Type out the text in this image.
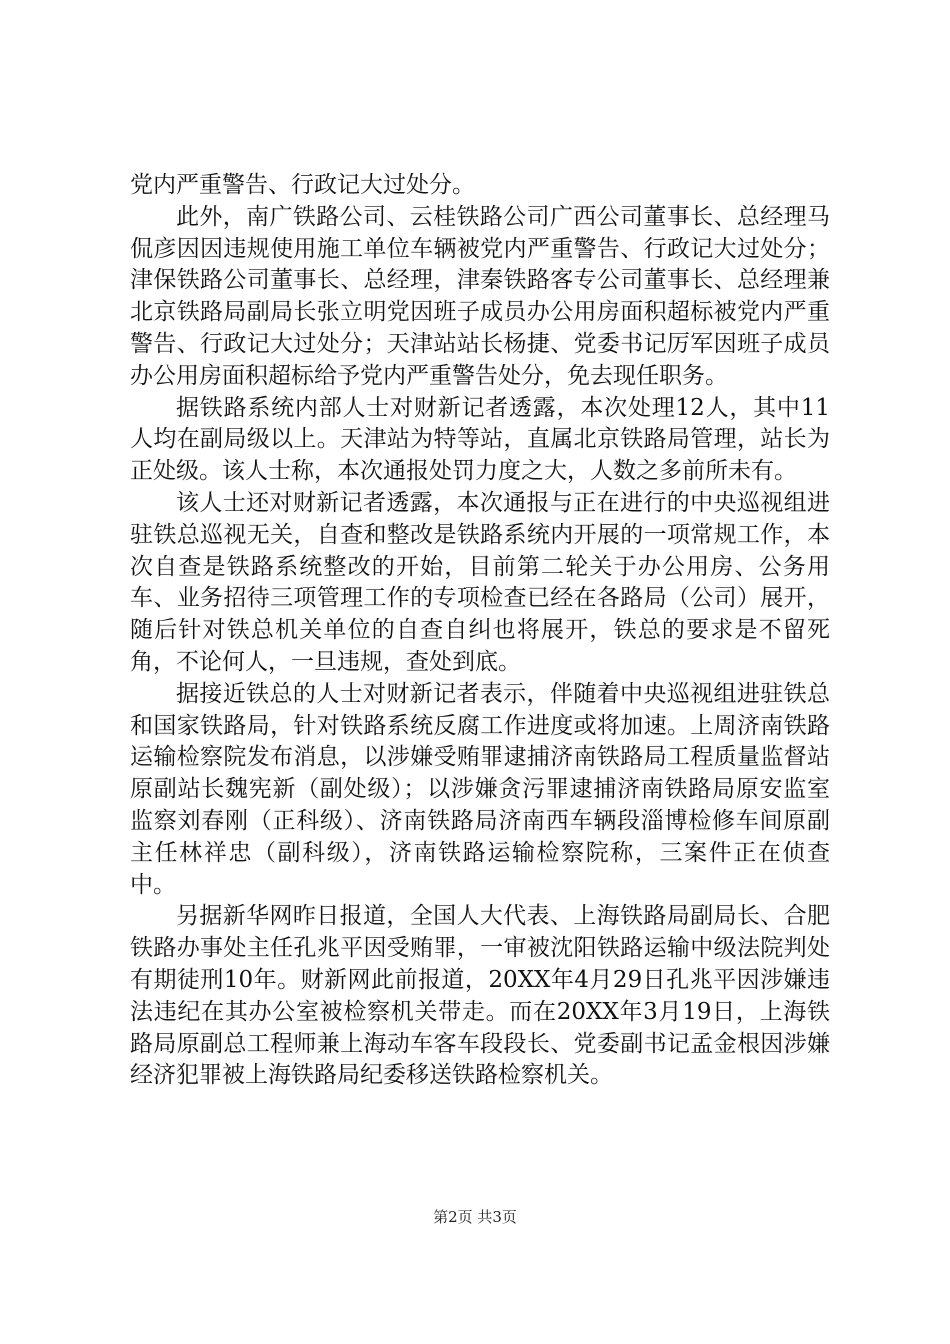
党内严重警告、行政记大过处分。

此外，南广铁路公司、云桂铁路公司广西公司董事长、总经理马侃彦因因违规使用施工单位车辆被党内严重警告、行政记大过处分；津保铁路公司董事长、总经理，津秦铁路客专公司董事长、总经理兼北京铁路局副局长张立明党因班子成员办公用房面积超标被党内严重警告、行政记大过处分；天津站站长杨捷、党委书记厉军因班子成员办公用房面积超标给予党内严重警告处分，免去现任职务。

据铁路系统内部人士对财新记者透露，本次处理12人，其中11人均在副局级以上。天津站为特等站，直属北京铁路局管理，站长为正处级。该人士称，本次通报处罚力度之大，人数之多前所未有。

该人士还对财新记者透露，本次通报与正在进行的中央巡视组进驻铁总巡视无关，自查和整改是铁路系统内开展的一项常规工作，本次自查是铁路系统整改的开始，目前第二轮关于办公用房、公务用车、业务招待三项管理工作的专项检查已经在各路局（公司）展开，随后针对铁总机关单位的自查自纠也将展开，铁总的要求是不留死角，不论何人，一旦违规，查处到底。

据接近铁总的人士对财新记者表示，伴随着中央巡视组进驻铁总和国家铁路局，针对铁路系统反腐工作进度或将加速。上周济南铁路运输检察院发布消息，以涉嫌受贿罪逮捕济南铁路局工程质量监督站原副站长魏宪新（副处级）；以涉嫌贪污罪逮捕济南铁路局原安监室监察刘春刚（正科级）、济南铁路局济南西车辆段淄博检修车间原副主任林祥忠（副科级），济南铁路运输检察院称，三案件正在侦查中。

另据新华网昨日报道，全国人大代表、上海铁路局副局长、合肥铁路办事处主任孔兆平因受贿罪，一审被沈阳铁路运输中级法院判处有期徒刑10年。财新网此前报道，20XX年4月29日孔兆平因涉嫌违法违纪在其办公室被检察机关带走。而在20XX年3月19日，上海铁路局原副总工程师兼上海动车客车段段长、党委副书记孟金根因涉嫌经济犯罪被上海铁路局纪委移送铁路检察机关。

第2页 共3页
